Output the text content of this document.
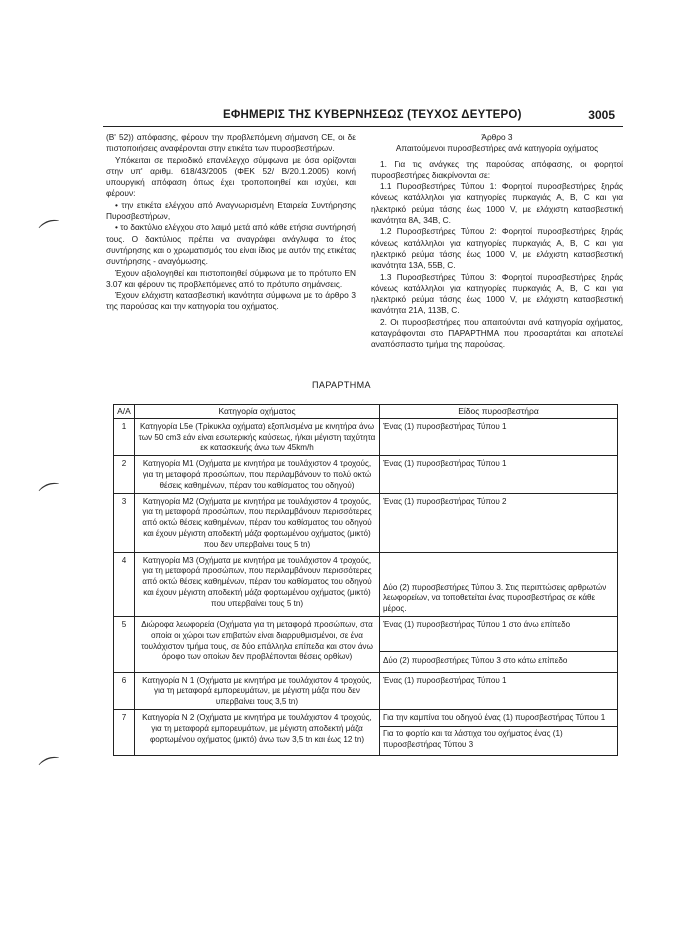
⌒
⌒
⌒
ΕΦΗΜΕΡΙΣ ΤΗΣ ΚΥΒΕΡΝΗΣΕΩΣ (ΤΕΥΧΟΣ ΔΕΥΤΕΡΟ)	3005

(Β' 52)) απόφασης, φέρουν την προβλεπόμενη σήμανση CE, οι δε πιστοποιήσεις αναφέρονται στην ετικέτα των πυροσβεστήρων.

Υπόκειται σε περιοδικό επανέλεγχο σύμφωνα με όσα ορίζονται στην υπ' αριθμ. 618/43/2005 (ΦΕΚ 52/ Β/20.1.2005) κοινή υπουργική απόφαση όπως έχει τροποποιηθεί και ισχύει, και φέρουν:

• την ετικέτα ελέγχου από Αναγνωρισμένη Εταιρεία Συντήρησης Πυροσβεστήρων,

• το δακτύλιο ελέγχου στο λαιμό μετά από κάθε ετήσια συντήρησή τους. Ο δακτύλιος πρέπει να αναγράφει ανάγλυφα το έτος συντήρησης και ο χρωματισμός του είναι ίδιος με αυτόν της ετικέτας συντήρησης - αναγόμωσης.

Έχουν αξιολογηθεί και πιστοποιηθεί σύμφωνα με το πρότυπο EN 3.07 και φέρουν τις προβλεπόμενες από το πρότυπο σημάνσεις.

Έχουν ελάχιστη κατασβεστική ικανότητα σύμφωνα με το άρθρο 3 της παρούσας και την κατηγορία του οχήματος.

Άρθρο 3

Απαιτούμενοι πυροσβεστήρες ανά κατηγορία οχήματος

1. Για τις ανάγκες της παρούσας απόφασης, οι φορητοί πυροσβεστήρες διακρίνονται σε:

1.1 Πυροσβεστήρες Τύπου 1: Φορητοί πυροσβεστήρες ξηράς κόνεως κατάλληλοι για κατηγορίες πυρκαγιάς Α, Β, C και για ηλεκτρικό ρεύμα τάσης έως 1000 V, με ελάχιστη κατασβεστική ικανότητα 8Α, 34Β, C.

1.2 Πυροσβεστήρες Τύπου 2: Φορητοί πυροσβεστήρες ξηράς κόνεως κατάλληλοι για κατηγορίες πυρκαγιάς Α, Β, C και για ηλεκτρικό ρεύμα τάσης έως 1000 V, με ελάχιστη κατασβεστική ικανότητα 13Α, 55Β, C.

1.3 Πυροσβεστήρες Τύπου 3: Φορητοί πυροσβεστήρες ξηράς κόνεως κατάλληλοι για κατηγορίες πυρκαγιάς Α, Β, C και για ηλεκτρικό ρεύμα τάσης έως 1000 V, με ελάχιστη κατασβεστική ικανότητα 21Α, 113Β, C.

2. Οι πυροσβεστήρες που απαιτούνται ανά κατηγορία οχήματος, καταγράφονται στο ΠΑΡΑΡΤΗΜΑ που προσαρτάται και αποτελεί αναπόσπαστο τμήμα της παρούσας.

ΠΑΡΑΡΤΗΜΑ
Α/Α	Κατηγορία οχήματος	Είδος πυροσβεστήρα
1	Κατηγορία L5e (Τρίκυκλα οχήματα) εξοπλισμένα με κινητήρα άνω των 50 cm3 εάν είναι εσωτερικής καύσεως, ή/και μέγιστη ταχύτητα εκ κατασκευής άνω των 45km/h	Ένας (1) πυροσβεστήρας Τύπου 1
2	Κατηγορία Μ1 (Οχήματα με κινητήρα με τουλάχιστον 4 τροχούς, για τη μεταφορά προσώπων, που περιλαμβάνουν το πολύ οκτώ θέσεις καθημένων, πέραν του καθίσματος του οδηγού)	Ένας (1) πυροσβεστήρας Τύπου 1
3	Κατηγορία Μ2 (Οχήματα με κινητήρα με τουλάχιστον 4 τροχούς, για τη μεταφορά προσώπων, που περιλαμβάνουν περισσότερες από οκτώ θέσεις καθημένων, πέραν του καθίσματος του οδηγού και έχουν μέγιστη αποδεκτή μάζα φορτωμένου οχήματος (μικτό) που δεν υπερβαίνει τους 5 tn)	Ένας (1) πυροσβεστήρας Τύπου 2
4	Κατηγορία Μ3 (Οχήματα με κινητήρα με τουλάχιστον 4 τροχούς, για τη μεταφορά προσώπων, που περιλαμβάνουν περισσότερες από οκτώ θέσεις καθημένων, πέραν του καθίσματος του οδηγού και έχουν μέγιστη αποδεκτή μάζα φορτωμένου οχήματος (μικτό) που υπερβαίνει τους 5 tn)	Δύο (2) πυροσβεστήρες Τύπου 3. Στις περιπτώσεις αρθρωτών λεωφορείων, να τοποθετείται ένας πυροσβεστήρας σε κάθε μέρος.
5	Διώροφα λεωφορεία (Οχήματα για τη μεταφορά προσώπων, στα οποία οι χώροι των επιβατών είναι διαρρυθμισμένοι, σε ένα τουλάχιστον τμήμα τους, σε δύο επάλληλα επίπεδα και στον άνω όροφο των οποίων δεν προβλέπονται θέσεις ορθίων)	Ένας (1) πυροσβεστήρας Τύπου 1 στο άνω επίπεδο
Δύο (2) πυροσβεστήρες Τύπου 3 στο κάτω επίπεδο

6	Κατηγορία Ν 1 (Οχήματα με κινητήρα με τουλάχιστον 4 τροχούς, για τη μεταφορά εμπορευμάτων, με μέγιστη μάζα που δεν υπερβαίνει τους 3,5 tn)	Ένας (1) πυροσβεστήρας Τύπου 1
7	Κατηγορία Ν 2 (Οχήματα με κινητήρα με τουλάχιστον 4 τροχούς, για τη μεταφορά εμπορευμάτων, με μέγιστη αποδεκτή μάζα φορτωμένου οχήματος (μικτό) άνω των 3,5 tn και έως 12 tn)	Για την καμπίνα του οδηγού ένας (1) πυροσβεστήρας Τύπου 1
Για το φορτίο και τα λάστιχα του οχήματος ένας (1) πυροσβεστήρας Τύπου 3
